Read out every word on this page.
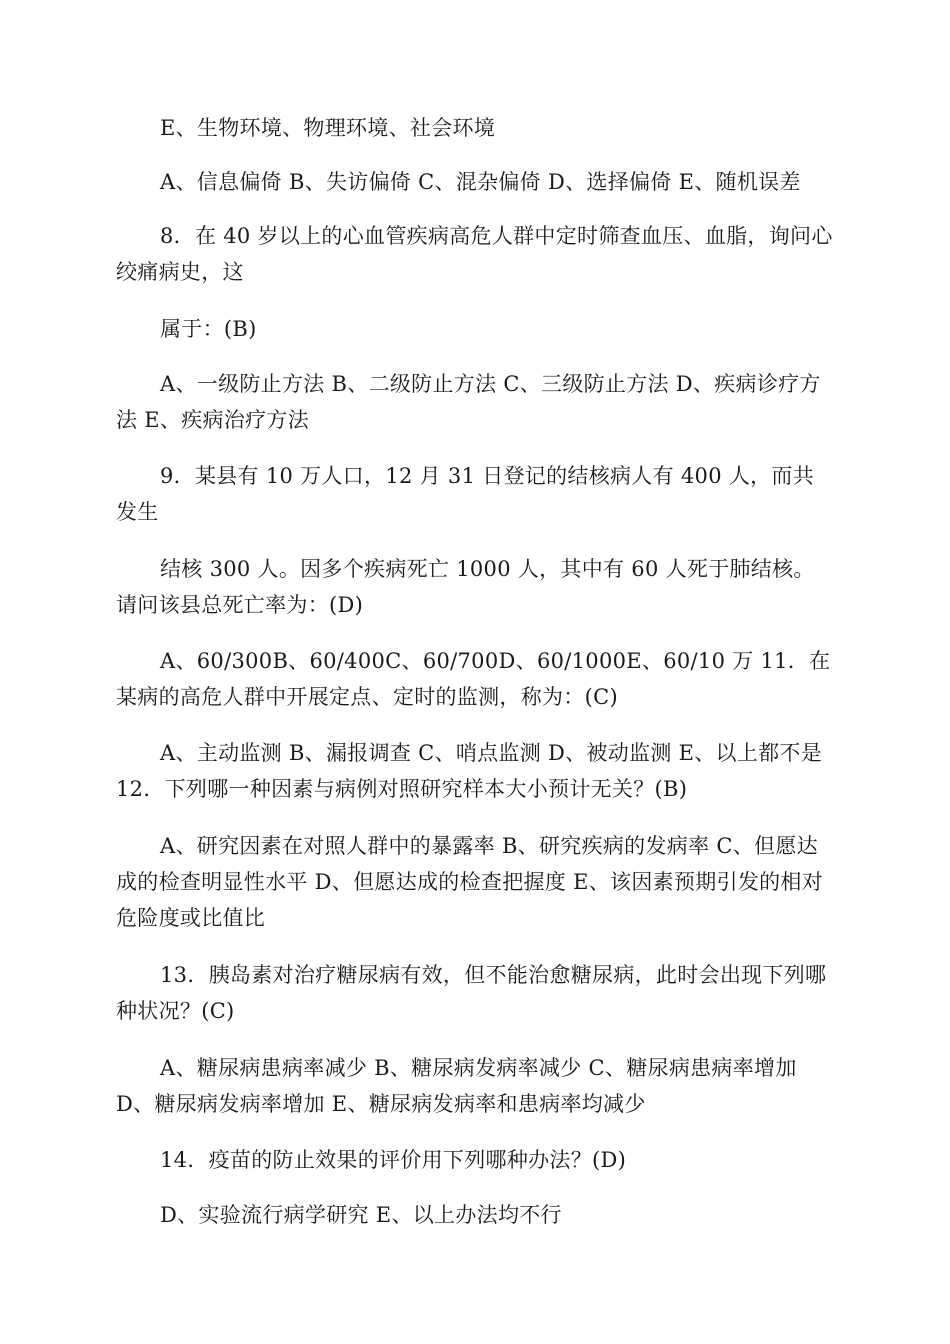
E、生物环境、物理环境、社会环境

A、信息偏倚 B、失访偏倚 C、混杂偏倚 D、选择偏倚 E、随机误差

8．在 40 岁以上的心血管疾病高危人群中定时筛查血压、血脂，询问心绞痛病史，这

属于：(B)

A、一级防止方法 B、二级防止方法 C、三级防止方法 D、疾病诊疗方法 E、疾病治疗方法

9．某县有 10 万人口，12 月 31 日登记的结核病人有 400 人，而共发生

结核 300 人。因多个疾病死亡 1000 人，其中有 60 人死于肺结核。请问该县总死亡率为：(D)

A、60/300B、60/400C、60/700D、60/1000E、60/10 万 11．在某病的高危人群中开展定点、定时的监测，称为：(C)

A、主动监测 B、漏报调查 C、哨点监测 D、被动监测 E、以上都不是 12．下列哪一种因素与病例对照研究样本大小预计无关？(B)

A、研究因素在对照人群中的暴露率 B、研究疾病的发病率 C、但愿达成的检查明显性水平 D、但愿达成的检查把握度 E、该因素预期引发的相对危险度或比值比

13．胰岛素对治疗糖尿病有效，但不能治愈糖尿病，此时会出现下列哪种状况？(C)

A、糖尿病患病率减少 B、糖尿病发病率减少 C、糖尿病患病率增加 D、糖尿病发病率增加 E、糖尿病发病率和患病率均减少

14．疫苗的防止效果的评价用下列哪种办法？(D)

D、实验流行病学研究 E、以上办法均不行
